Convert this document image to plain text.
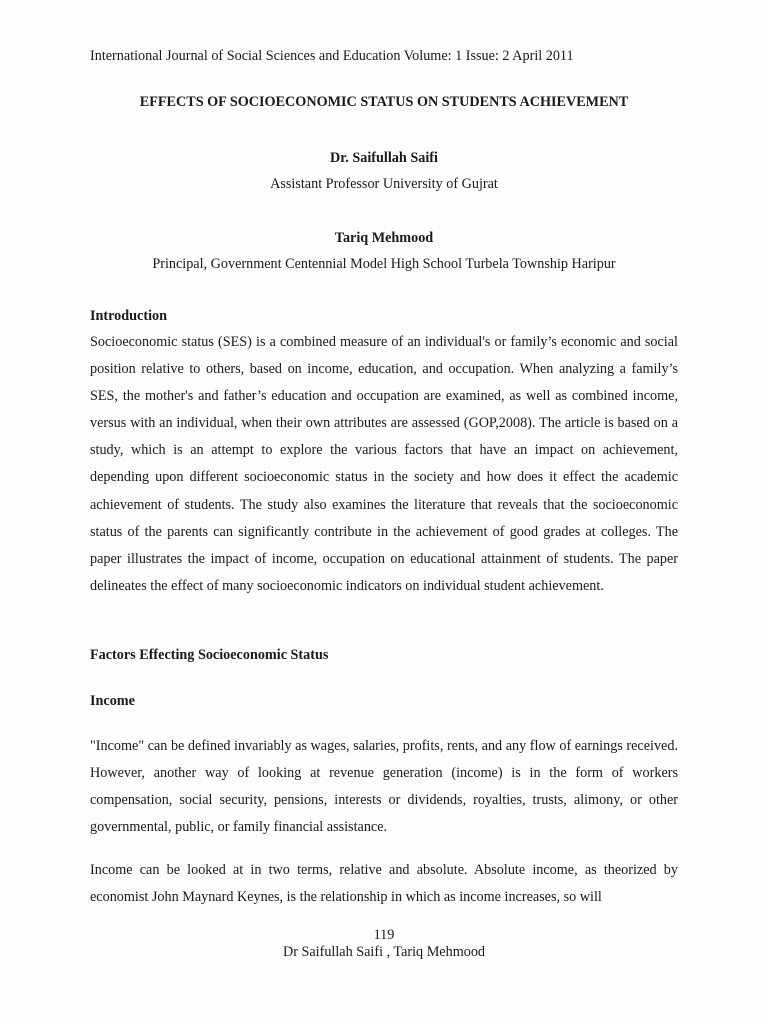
International Journal of Social Sciences and Education Volume: 1 Issue: 2 April 2011
EFFECTS OF SOCIOECONOMIC STATUS ON STUDENTS ACHIEVEMENT
Dr. Saifullah Saifi
Assistant Professor University of Gujrat
Tariq Mehmood
Principal, Government Centennial Model High School Turbela Township Haripur
Introduction
Socioeconomic status (SES) is a combined measure of an individual's or family’s economic and social position relative to others, based on income, education, and occupation. When analyzing a family’s SES, the mother's and father’s education and occupation are examined, as well as combined income, versus with an individual, when their own attributes are assessed (GOP,2008). The article is based on a study, which is an attempt to explore the various factors that have an impact on achievement, depending upon different socioeconomic status in the society and how does it effect the academic achievement of students. The study also examines the literature that reveals that the socioeconomic status of the parents can significantly contribute in the achievement of good grades at colleges. The paper illustrates the impact of income, occupation on educational attainment of students. The paper delineates the effect of many socioeconomic indicators on individual student achievement.
Factors Effecting Socioeconomic Status
Income
"Income" can be defined invariably as wages, salaries, profits, rents, and any flow of earnings received. However, another way of looking at revenue generation (income) is in the form of workers compensation, social security, pensions, interests or dividends, royalties, trusts, alimony, or other governmental, public, or family financial assistance.
Income can be looked at in two terms, relative and absolute. Absolute income, as theorized by economist John Maynard Keynes, is the relationship in which as income increases, so will
119
Dr Saifullah Saifi , Tariq Mehmood
